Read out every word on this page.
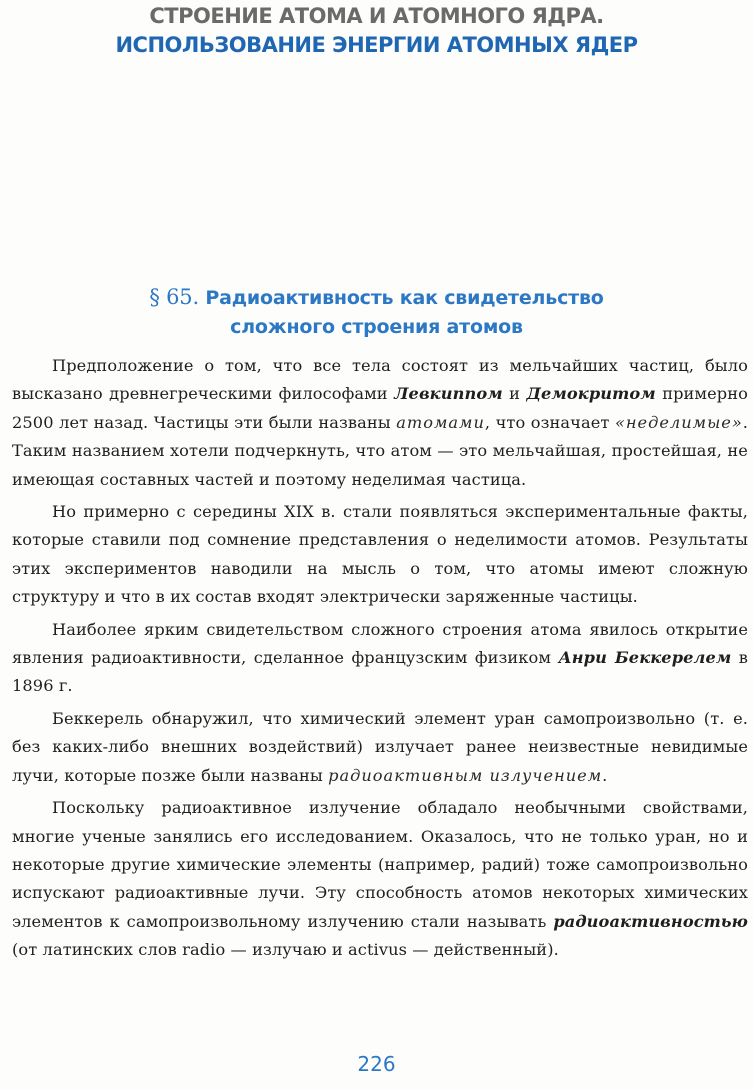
СТРОЕНИЕ АТОМА И АТОМНОГО ЯДРА.
ИСПОЛЬЗОВАНИЕ ЭНЕРГИИ АТОМНЫХ ЯДЕР
§ 65. Радиоактивность как свидетельство
сложного строения атомов

Предположение о том, что все тела состоят из мельчайших частиц, было высказано древнегреческими философами Левкиппом и Демокритом примерно 2500 лет назад. Частицы эти были названы атомами, что означает «неделимые». Таким названием хотели подчеркнуть, что атом — это мельчайшая, простейшая, не имеющая составных частей и поэтому неделимая частица.

Но примерно с середины XIX в. стали появляться экспериментальные факты, которые ставили под сомнение представления о неделимости атомов. Результаты этих экспериментов наводили на мысль о том, что атомы имеют сложную структуру и что в их состав входят электрически заряженные частицы.

Наиболее ярким свидетельством сложного строения атома явилось открытие явления радиоактивности, сделанное французским физиком Анри Беккерелем в 1896 г.

Беккерель обнаружил, что химический элемент уран самопроизвольно (т. е. без каких-либо внешних воздействий) излучает ранее неизвестные невидимые лучи, которые позже были названы радиоактивным излучением.

Поскольку радиоактивное излучение обладало необычными свойствами, многие ученые занялись его исследованием. Оказалось, что не только уран, но и некоторые другие химические элементы (например, радий) тоже самопроизвольно испускают радиоактивные лучи. Эту способность атомов некоторых химических элементов к самопроизвольному излучению стали называть радиоактивностью (от латинских слов radio — излучаю и activus — действенный).

226
